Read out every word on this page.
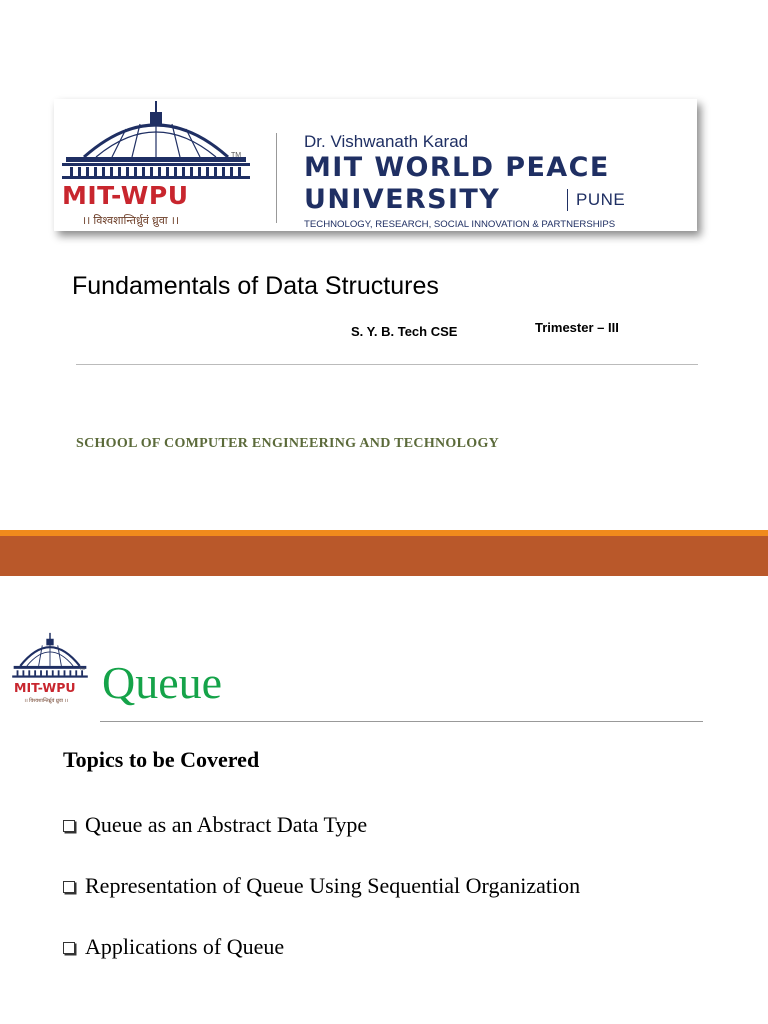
TM
MIT-WPU
।। विश्वशान्तिर्ध्रुवं ध्रुवा ।।
Dr. Vishwanath Karad
MIT WORLD PEACE
UNIVERSITY	PUNE
TECHNOLOGY, RESEARCH, SOCIAL INNOVATION & PARTNERSHIPS
Fundamentals of Data Structures
S. Y. B. Tech CSE	Trimester – III
SCHOOL OF COMPUTER ENGINEERING AND TECHNOLOGY
TM
MIT-WPU
।। विश्वशान्तिर्ध्रुवं ध्रुवा ।। Queue
Topics to be Covered
Queue as an Abstract Data Type
Representation of Queue Using Sequential Organization
Applications of Queue
